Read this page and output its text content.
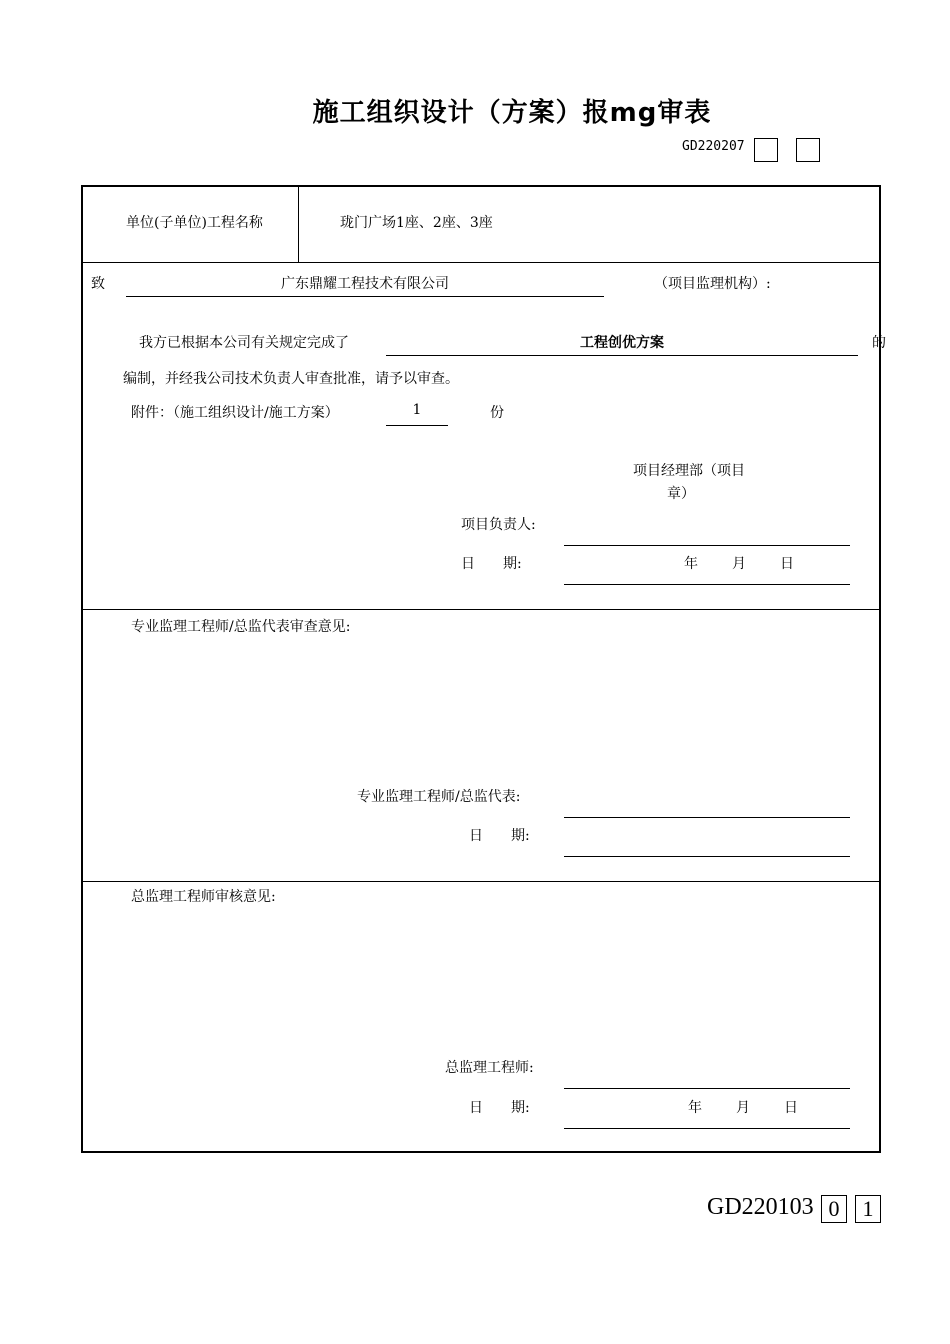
施工组织设计（方案）报mg审表
GD220207
单位(子单位)工程名称	珑门广场1座、2座、3座
致	广东鼎耀工程技术有限公司	（项目监理机构）:
我方已根据本公司有关规定完成了	工程创优方案	的
编制，并经我公司技术负责人审查批准，请予以审查。
附件：（施工组织设计/施工方案）	1	份
项目经理部（项目
章）
项目负责人:
日　　期:	年 月 日
专业监理工程师/总监代表审查意见:
专业监理工程师/总监代表:
日　　期:
总监理工程师审核意见:
总监理工程师:
日　　期:	年 月 日
GD220103 0	1
